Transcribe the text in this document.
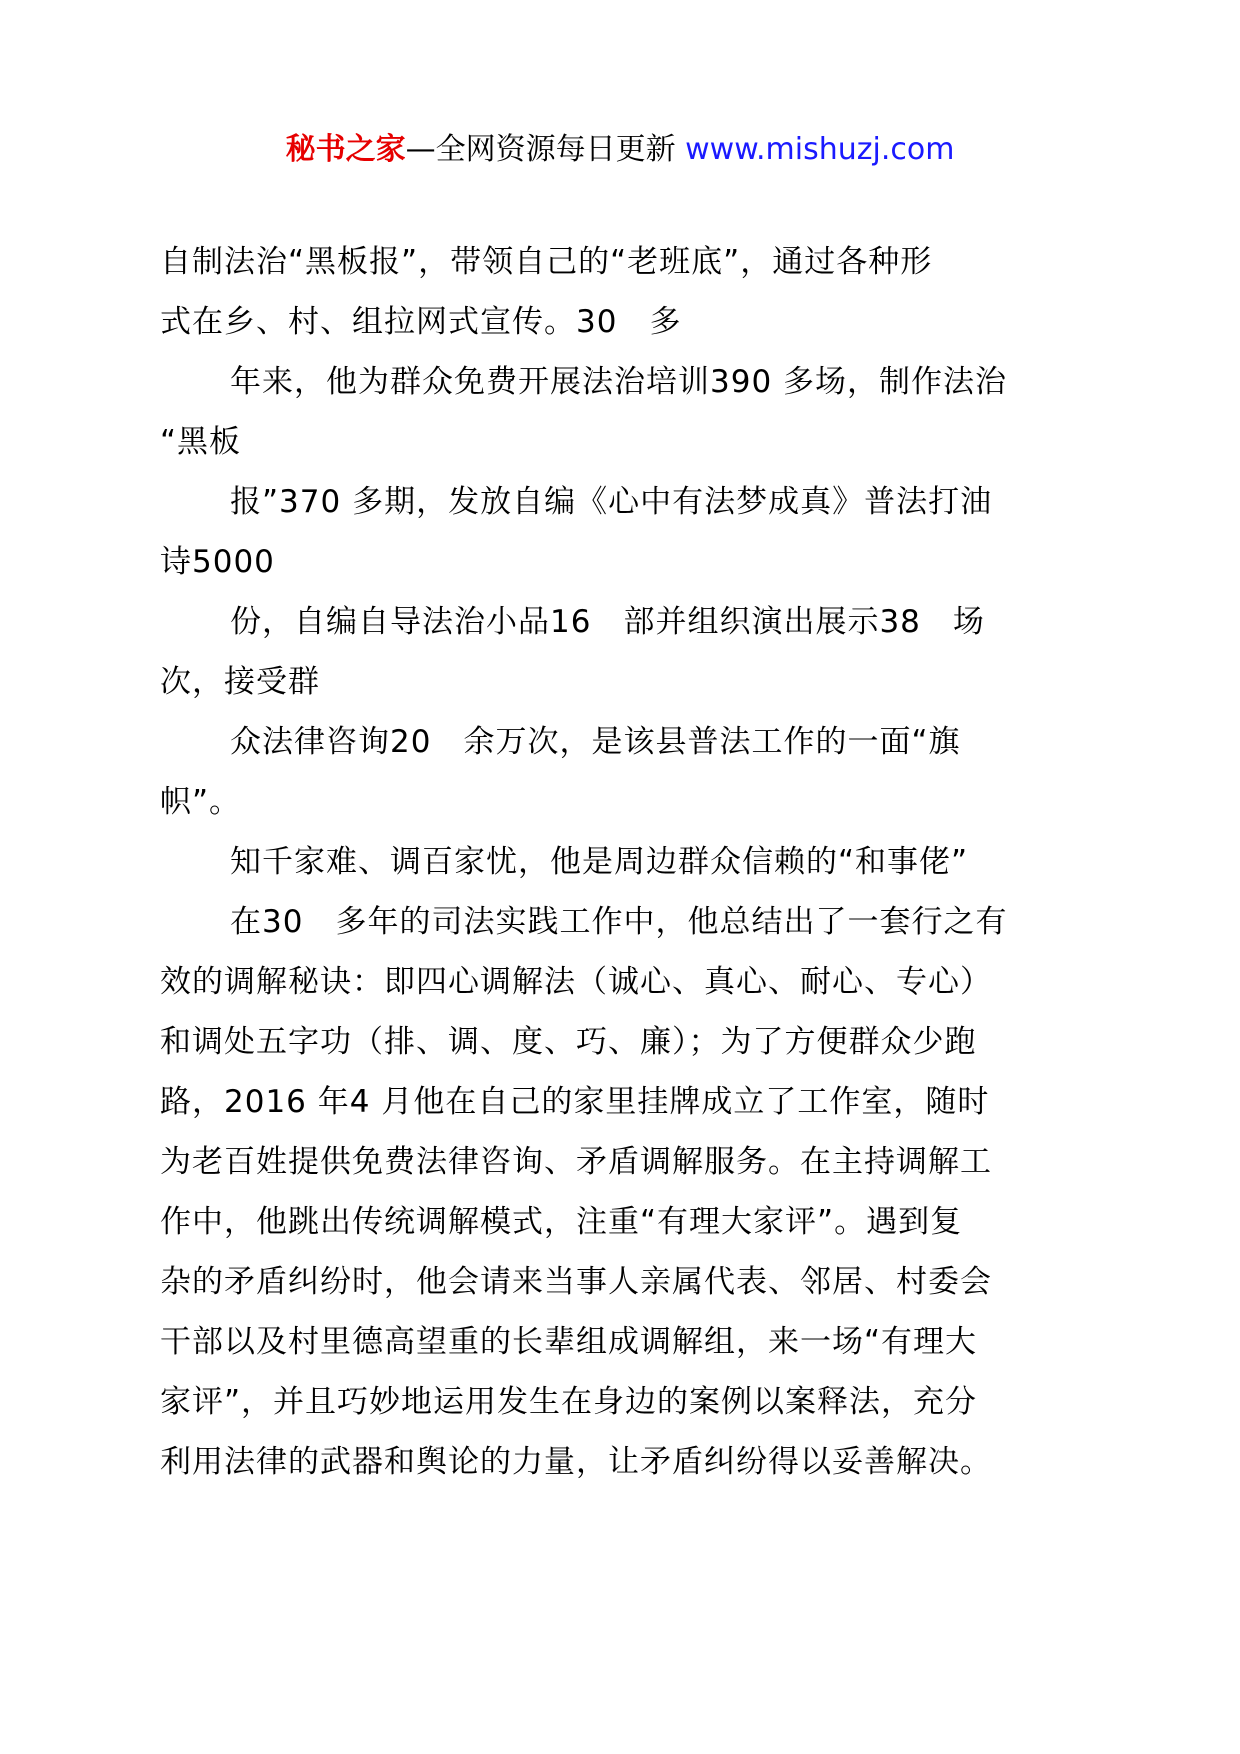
秘书之家—全网资源每日更新 www.mishuzj.com
自制法治“黑板报”，带领自己的“老班底”，通过各种形
式在乡、村、组拉网式宣传。30　多
年来，他为群众免费开展法治培训390 多场，制作法治
“黑板
报”370 多期，发放自编《心中有法梦成真》普法打油
诗5000
份，自编自导法治小品16　部并组织演出展示38　场
次，接受群
众法律咨询20　余万次，是该县普法工作的一面“旗
帜”。
知千家难、调百家忧，他是周边群众信赖的“和事佬”
在30　多年的司法实践工作中，他总结出了一套行之有
效的调解秘诀：即四心调解法（诚心、真心、耐心、专心）
和调处五字功（排、调、度、巧、廉）；为了方便群众少跑
路，2016 年4 月他在自己的家里挂牌成立了工作室，随时
为老百姓提供免费法律咨询、矛盾调解服务。在主持调解工
作中，他跳出传统调解模式，注重“有理大家评”。遇到复
杂的矛盾纠纷时，他会请来当事人亲属代表、邻居、村委会
干部以及村里德高望重的长辈组成调解组，来一场“有理大
家评”，并且巧妙地运用发生在身边的案例以案释法，充分
利用法律的武器和舆论的力量，让矛盾纠纷得以妥善解决。
